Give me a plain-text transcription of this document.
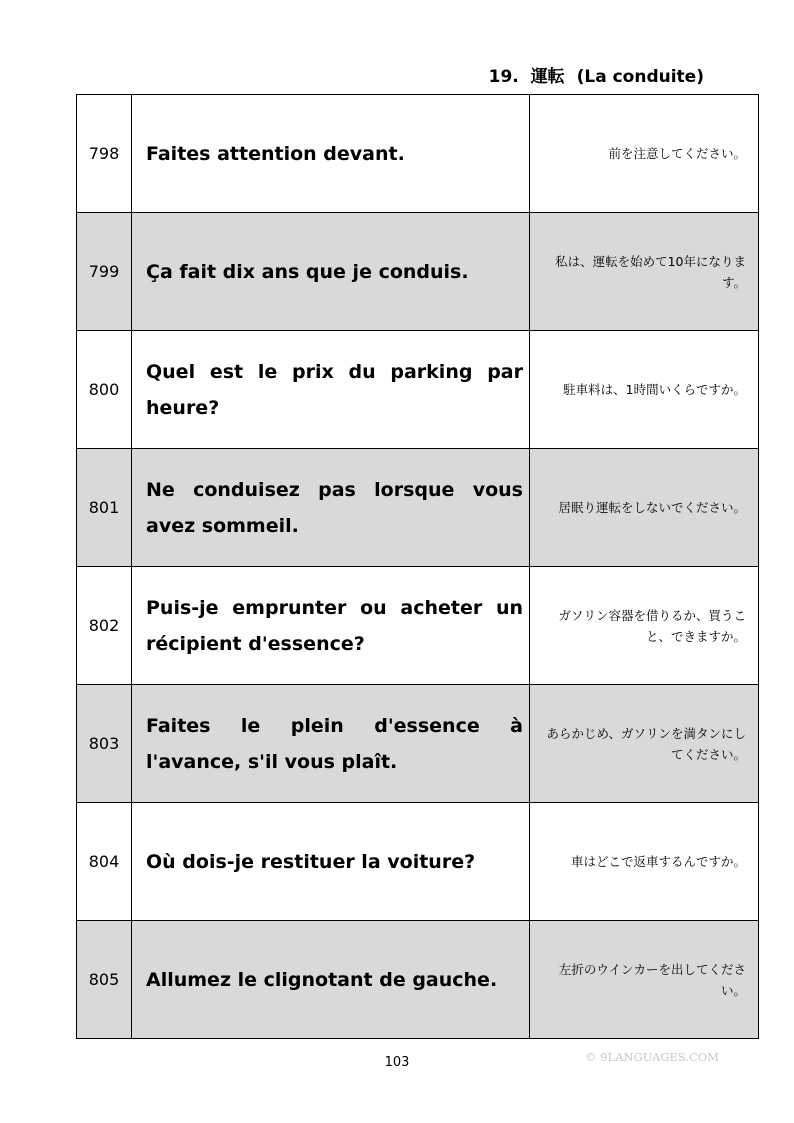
19. 運転 (La conduite)
798	Faites attention devant.	前を注意してください。
799	Ça fait dix ans que je conduis.	私は、運転を始めて10年になります。
800	Quel est le prix du parking par heure?	駐車料は、1時間いくらですか。
801	Ne conduisez pas lorsque vous avez sommeil.	居眠り運転をしないでください。
802	Puis-je emprunter ou acheter un récipient d'essence?	ガソリン容器を借りるか、買うこと、できますか。
803	Faites le plein d'essence à l'avance, s'il vous plaît.	あらかじめ、ガソリンを満タンにしてください。
804	Où dois-je restituer la voiture?	車はどこで返車するんですか。
805	Allumez le clignotant de gauche.	左折のウインカーを出してください。
103	© 9LANGUAGES.COM
